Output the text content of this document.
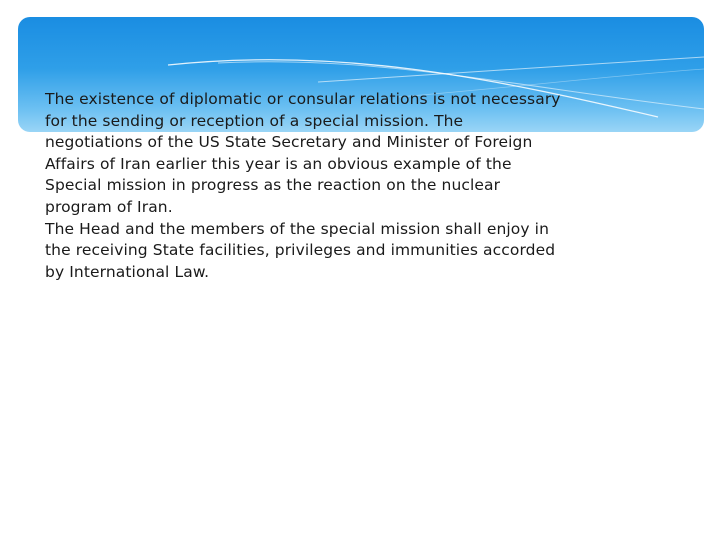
The existence of diplomatic or consular relations is not necessary
for the sending or reception of a special mission. The
negotiations of the US State Secretary and Minister of Foreign
Affairs of Iran earlier this year is an obvious example of the
Special mission in progress as the reaction on the nuclear
program of Iran.
The Head and the members of the special mission shall enjoy in
the receiving State facilities, privileges and immunities accorded
by International Law.
